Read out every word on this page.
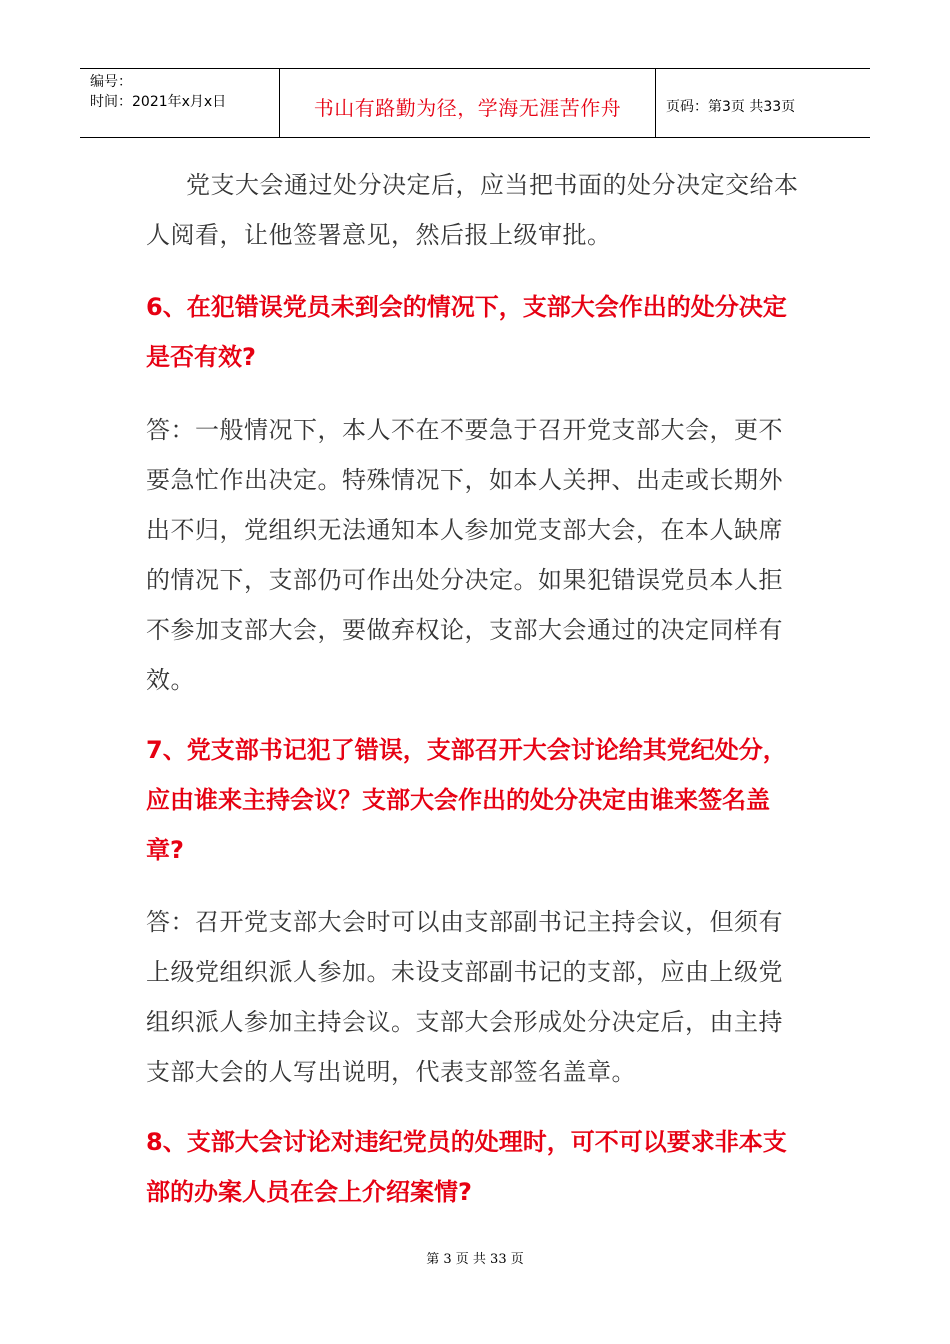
编号：
时间：2021年x月x日	书山有路勤为径，学海无涯苦作舟	页码：第3页 共33页

党支大会通过处分决定后，应当把书面的处分决定交给本人阅看，让他签署意见，然后报上级审批。

6、在犯错误党员未到会的情况下，支部大会作出的处分决定是否有效?

答：一般情况下，本人不在不要急于召开党支部大会，更不要急忙作出决定。特殊情况下，如本人关押、出走或长期外出不归，党组织无法通知本人参加党支部大会，在本人缺席的情况下，支部仍可作出处分决定。如果犯错误党员本人拒不参加支部大会，要做弃权论，支部大会通过的决定同样有效。

7、党支部书记犯了错误，支部召开大会讨论给其党纪处分，应由谁来主持会议？支部大会作出的处分决定由谁来签名盖章?

答：召开党支部大会时可以由支部副书记主持会议，但须有上级党组织派人参加。未设支部副书记的支部，应由上级党组织派人参加主持会议。支部大会形成处分决定后，由主持支部大会的人写出说明，代表支部签名盖章。

8、支部大会讨论对违纪党员的处理时，可不可以要求非本支部的办案人员在会上介绍案情?

第 3 页 共 33 页
